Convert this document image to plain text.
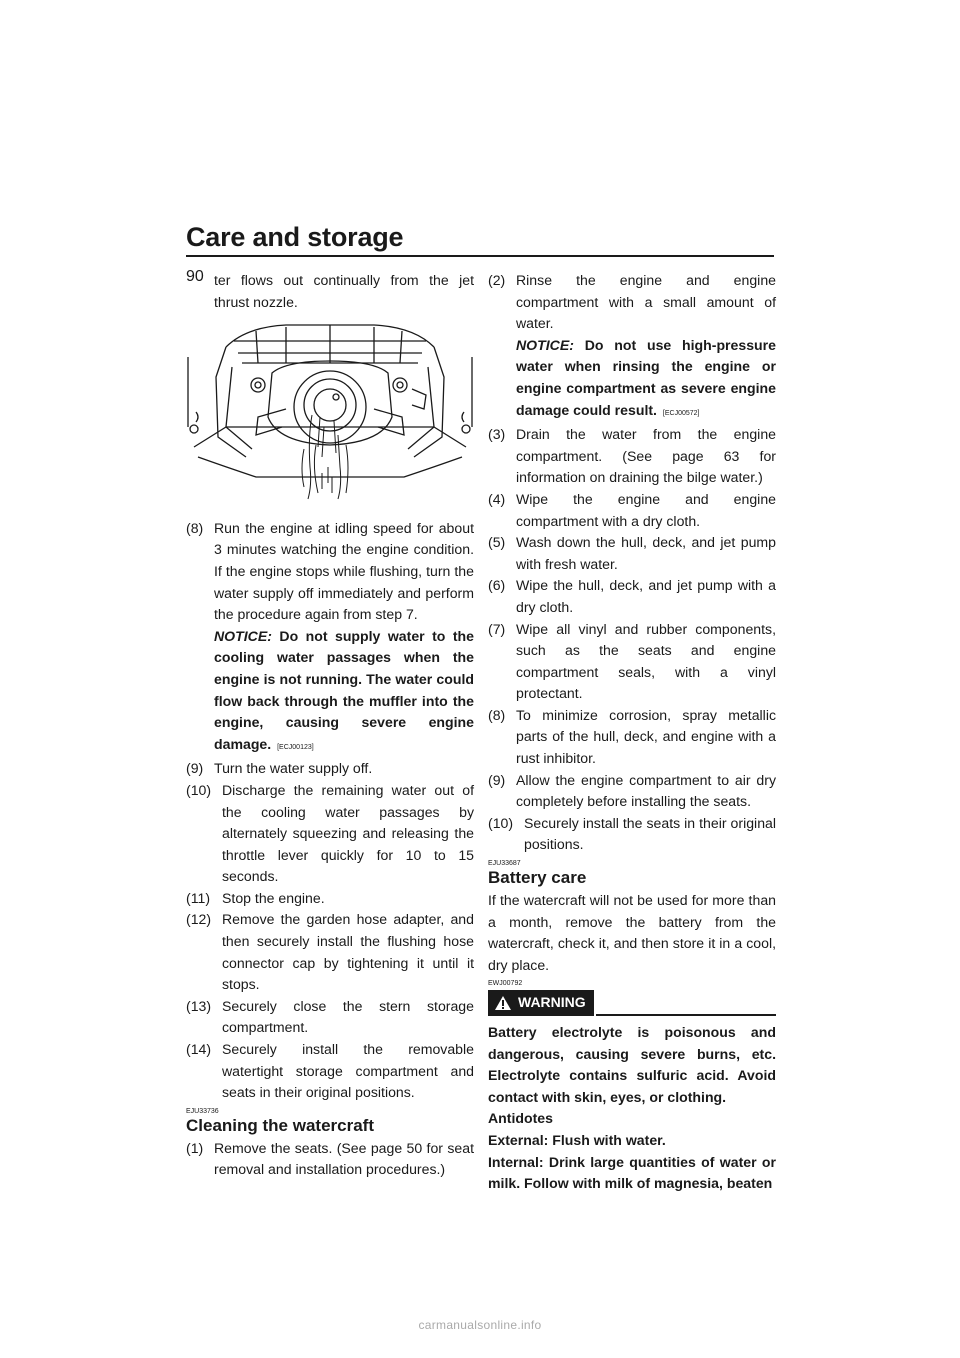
Care and storage
90 ter flows out continually from the jet thrust nozzle.

(8) Run the engine at idling speed for about 3 minutes watching the engine condition. If the engine stops while flushing, turn the water supply off immediately and perform the procedure again from step 7.
NOTICE: Do not supply water to the cooling water passages when the engine is not running. The water could flow back through the muffler into the engine, causing severe engine damage. [ECJ00123]
(9) Turn the water supply off.
(10) Discharge the remaining water out of the cooling water passages by alternately squeezing and releasing the throttle lever quickly for 10 to 15 seconds.
(11) Stop the engine.
(12) Remove the garden hose adapter, and then securely install the flushing hose connector cap by tightening it until it stops.
(13) Securely close the stern storage compartment.
(14) Securely install the removable watertight storage compartment and seats in their original positions.
EJU33736
Cleaning the watercraft
(1) Remove the seats. (See page 50 for seat removal and installation procedures.)
(2) Rinse the engine and engine compartment with a small amount of water.
NOTICE: Do not use high-pressure water when rinsing the engine or engine compartment as severe engine damage could result. [ECJ00572]
(3) Drain the water from the engine compartment. (See page 63 for information on draining the bilge water.)
(4) Wipe the engine and engine compartment with a dry cloth.
(5) Wash down the hull, deck, and jet pump with fresh water.
(6) Wipe the hull, deck, and jet pump with a dry cloth.
(7) Wipe all vinyl and rubber components, such as the seats and engine compartment seals, with a vinyl protectant.
(8) To minimize corrosion, spray metallic parts of the hull, deck, and engine with a rust inhibitor.
(9) Allow the engine compartment to air dry completely before installing the seats.
(10) Securely install the seats in their original positions.
EJU33687
Battery care

If the watercraft will not be used for more than a month, remove the battery from the watercraft, check it, and then store it in a cool, dry place.

EWJ00792
WARNING

Battery electrolyte is poisonous and dangerous, causing severe burns, etc. Electrolyte contains sulfuric acid. Avoid contact with skin, eyes, or clothing.

Antidotes

External: Flush with water.

Internal: Drink large quantities of water or milk. Follow with milk of magnesia, beaten

carmanualsonline.info
